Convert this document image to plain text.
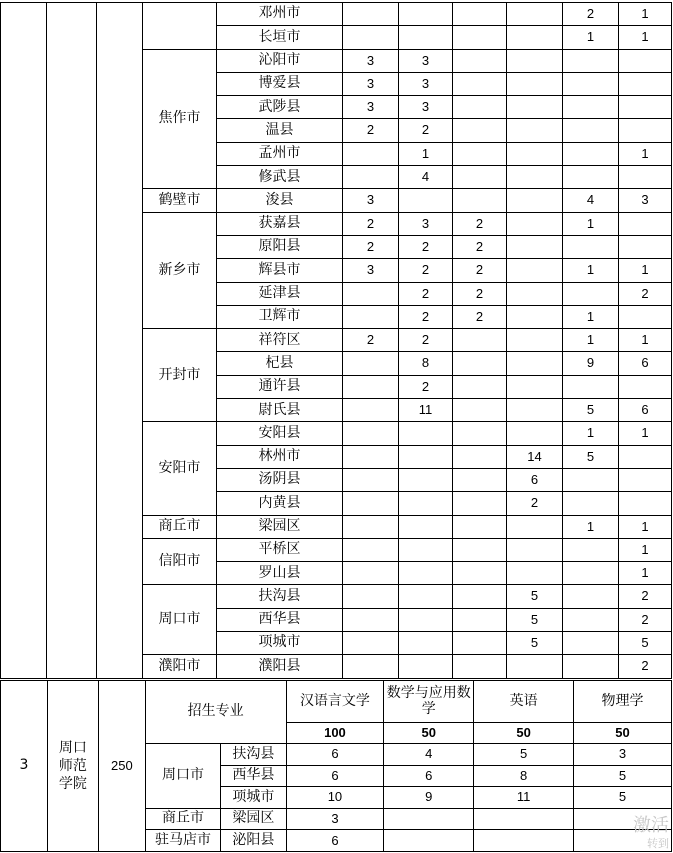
				邓州市					2	1
				长垣市					1	1
			焦作市	沁阳市	3	3				
				博爱县	3	3				
				武陟县	3	3				
				温县	2	2				
				孟州市		1				1
				修武县		4				
			鹤壁市	浚县	3				4	3
			新乡市	获嘉县	2	3	2		1	
				原阳县	2	2	2			
				辉县市	3	2	2		1	1
				延津县		2	2			2
				卫辉市		2	2		1	
			开封市	祥符区	2	2			1	1
				杞县		8			9	6
				通许县		2				
				尉氏县		11			5	6
			安阳市	安阳县					1	1
				林州市				14	5	
				汤阴县				6		
				内黄县				2		
			商丘市	梁园区					1	1
			信阳市	平桥区						1
				罗山县						1
			周口市	扶沟县				5		2
				西华县				5		2
				项城市				5		5
			濮阳市	濮阳县						2
3	周口师范学院	250	招生专业		汉语言文学	数学与应用数学	英语	物理学
					100	50	50	50
			周口市	扶沟县	6	4	5	3
				西华县	6	6	8	5
				项城市	10	9	11	5
			商丘市	梁园区	3			
			驻马店市	泌阳县	6			
激活
转到
